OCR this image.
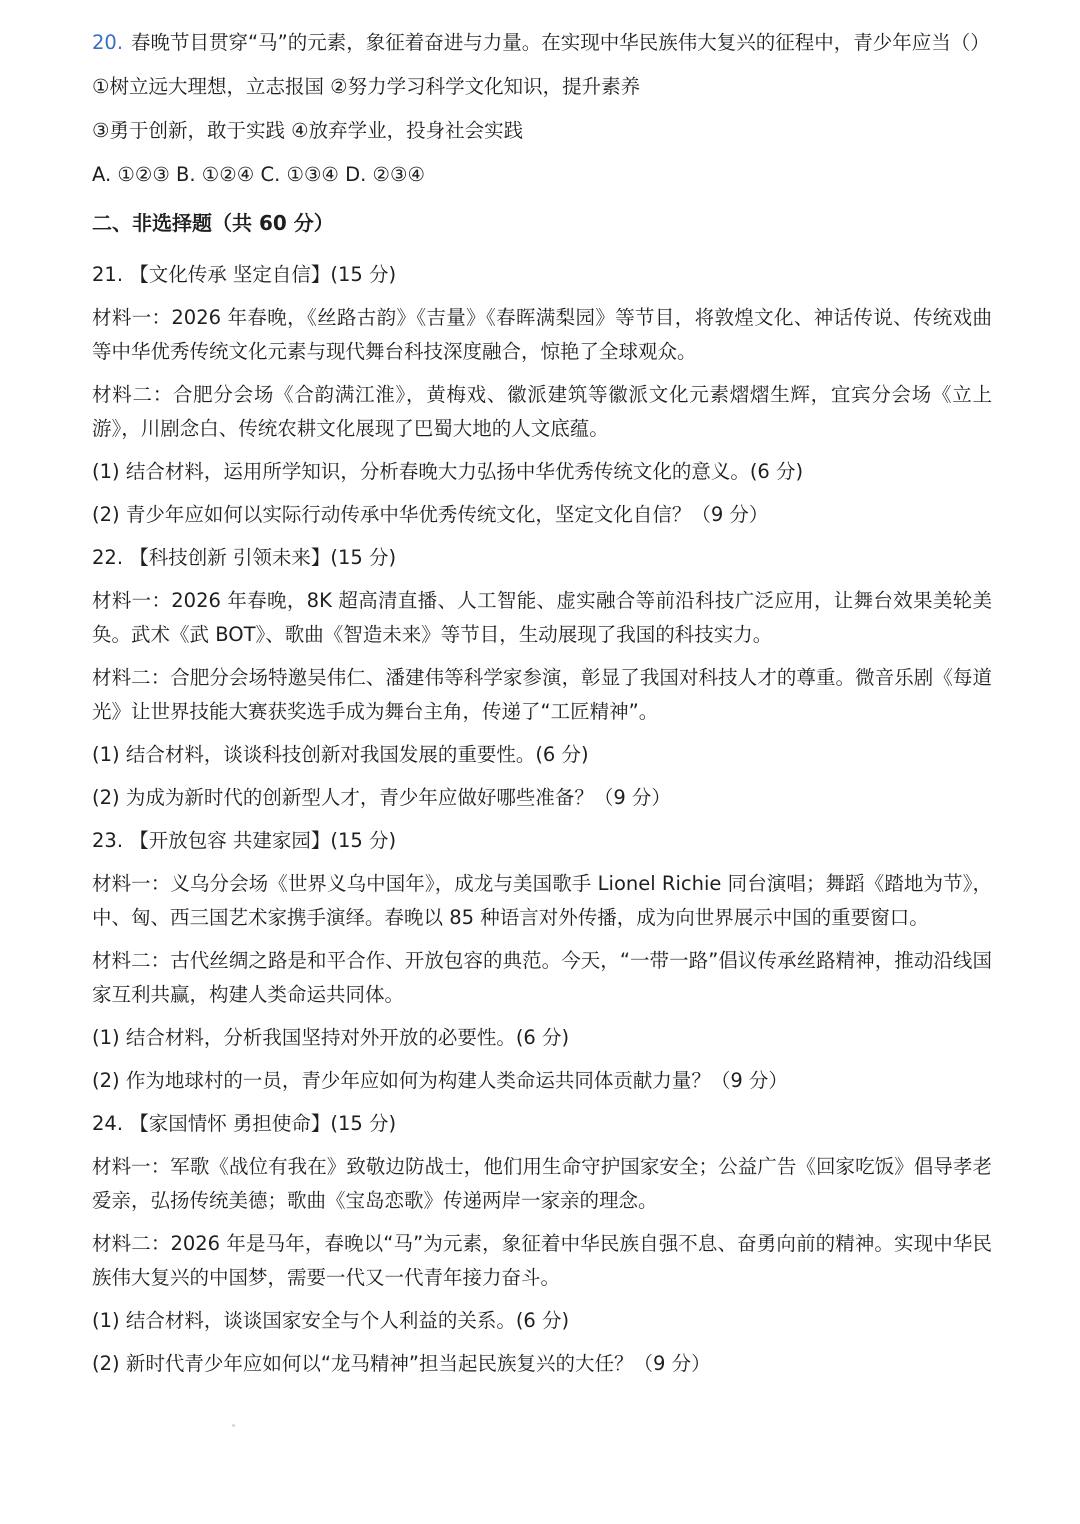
20. 春晚节目贯穿“马”的元素，象征着奋进与力量。在实现中华民族伟大复兴的征程中，青少年应当（）

①树立远大理想，立志报国 ②努力学习科学文化知识，提升素养

③勇于创新，敢于实践 ④放弃学业，投身社会实践

A. ①②③ B. ①②④ C. ①③④ D. ②③④

二、非选择题（共 60 分）

21. 【文化传承 坚定自信】(15 分)

材料一：2026 年春晚，《丝路古韵》《吉量》《春晖满梨园》等节目，将敦煌文化、神话传说、传统戏曲等中华优秀传统文化元素与现代舞台科技深度融合，惊艳了全球观众。

材料二：合肥分会场《合韵满江淮》，黄梅戏、徽派建筑等徽派文化元素熠熠生辉，宜宾分会场《立上游》，川剧念白、传统农耕文化展现了巴蜀大地的人文底蕴。

(1) 结合材料，运用所学知识，分析春晚大力弘扬中华优秀传统文化的意义。(6 分)

(2) 青少年应如何以实际行动传承中华优秀传统文化，坚定文化自信？（9 分）

22. 【科技创新 引领未来】(15 分)

材料一：2026 年春晚，8K 超高清直播、人工智能、虚实融合等前沿科技广泛应用，让舞台效果美轮美奂。武术《武 BOT》、歌曲《智造未来》等节目，生动展现了我国的科技实力。

材料二：合肥分会场特邀吴伟仁、潘建伟等科学家参演，彰显了我国对科技人才的尊重。微音乐剧《每道光》让世界技能大赛获奖选手成为舞台主角，传递了“工匠精神”。

(1) 结合材料，谈谈科技创新对我国发展的重要性。(6 分)

(2) 为成为新时代的创新型人才，青少年应做好哪些准备？（9 分）

23. 【开放包容 共建家园】(15 分)

材料一：义乌分会场《世界义乌中国年》，成龙与美国歌手 Lionel Richie 同台演唱；舞蹈《踏地为节》，中、匈、西三国艺术家携手演绎。春晚以 85 种语言对外传播，成为向世界展示中国的重要窗口。

材料二：古代丝绸之路是和平合作、开放包容的典范。今天，“一带一路”倡议传承丝路精神，推动沿线国家互利共赢，构建人类命运共同体。

(1) 结合材料，分析我国坚持对外开放的必要性。(6 分)

(2) 作为地球村的一员，青少年应如何为构建人类命运共同体贡献力量？（9 分）

24. 【家国情怀 勇担使命】(15 分)

材料一：军歌《战位有我在》致敬边防战士，他们用生命守护国家安全；公益广告《回家吃饭》倡导孝老爱亲，弘扬传统美德；歌曲《宝岛恋歌》传递两岸一家亲的理念。

材料二：2026 年是马年，春晚以“马”为元素，象征着中华民族自强不息、奋勇向前的精神。实现中华民族伟大复兴的中国梦，需要一代又一代青年接力奋斗。

(1) 结合材料，谈谈国家安全与个人利益的关系。(6 分)

(2) 新时代青少年应如何以“龙马精神”担当起民族复兴的大任？（9 分）
